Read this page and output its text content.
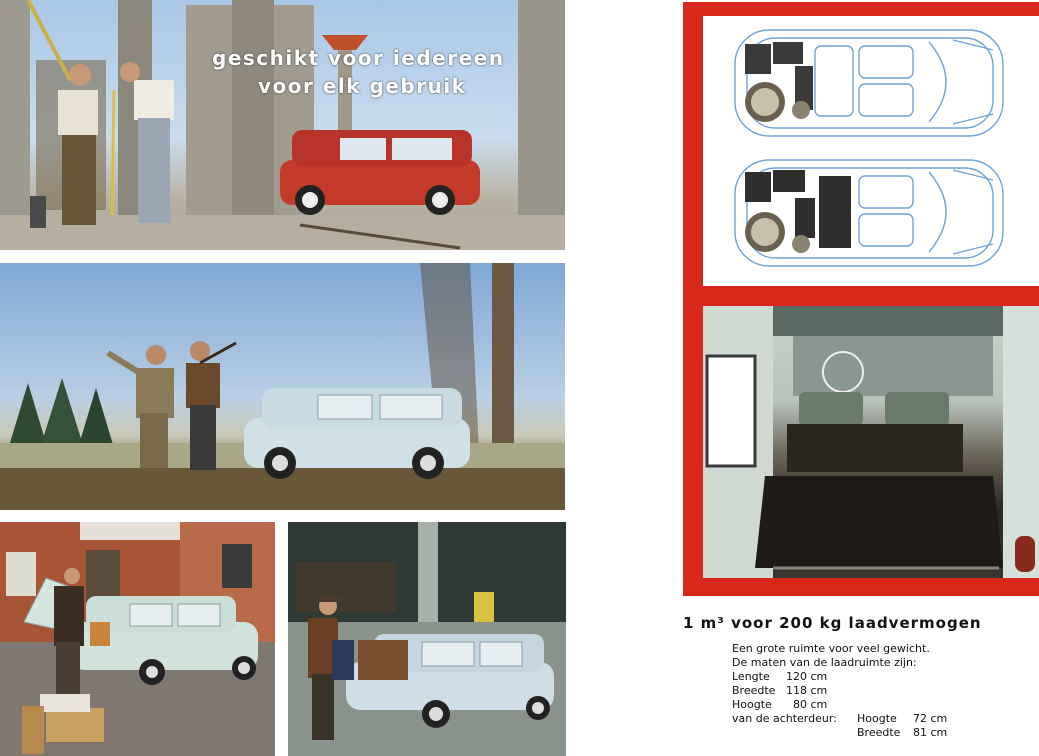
geschikt voor iedereen
voor elk gebruik
1 m³ voor 200 kg laadvermogen
Een grote ruimte voor veel gewicht.
De maten van de laadruimte zijn:
Lengte 120 cm
Breedte 118 cm
Hoogte 80 cm
van de achterdeur: Hoogte 72 cm
Breedte 81 cm
